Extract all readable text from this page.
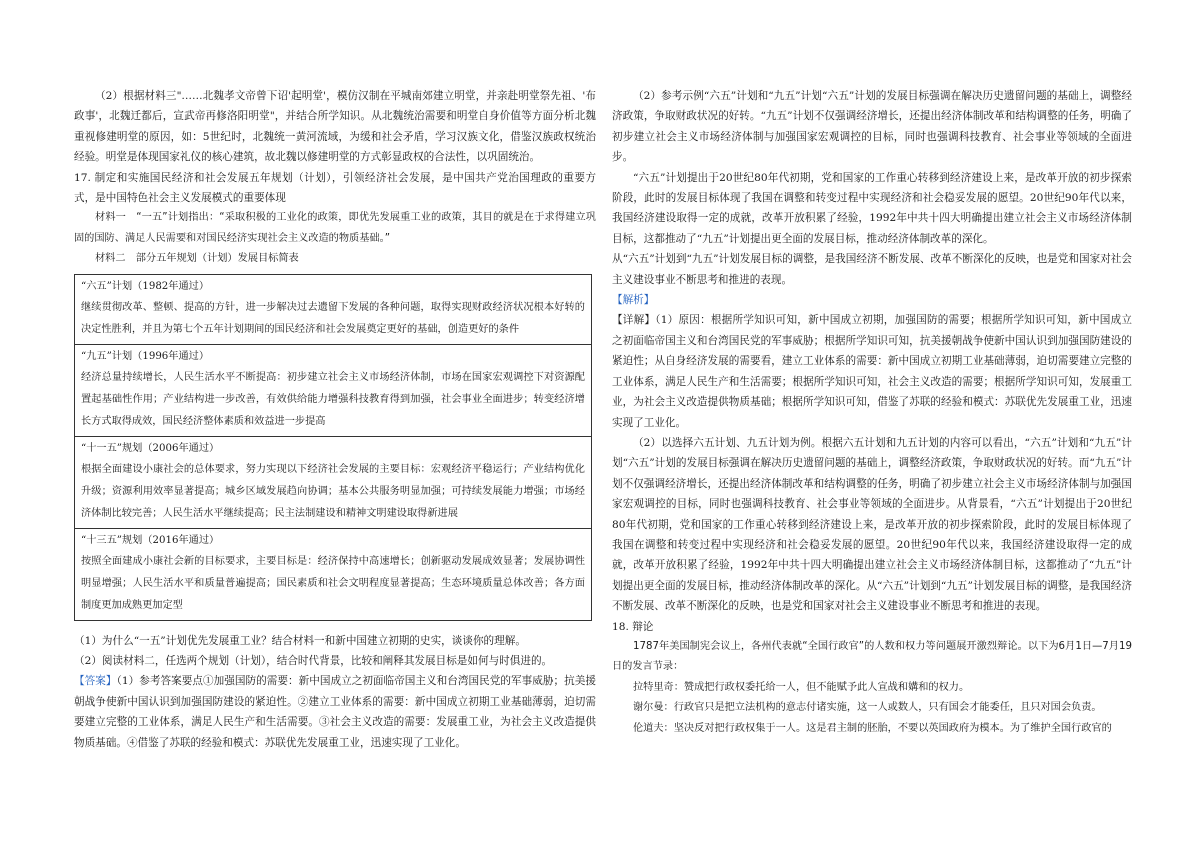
（2）根据材料三"……北魏孝文帝曾下诏'起明堂'，模仿汉制在平城南郊建立明堂，并亲赴明堂祭先祖、'布政事'，北魏迁都后，宣武帝再修洛阳明堂"，并结合所学知识。从北魏统治需要和明堂自身价值等方面分析北魏重视修建明堂的原因，如：5世纪时，北魏统一黄河流域，为缓和社会矛盾，学习汉族文化，借鉴汉族政权统治经验。明堂是体现国家礼仪的核心建筑，故北魏以修建明堂的方式彰显政权的合法性，以巩固统治。

17. 制定和实施国民经济和社会发展五年规划（计划），引领经济社会发展，是中国共产党治国理政的重要方式，是中国特色社会主义发展模式的重要体现

材料一　“一五”计划指出：“采取积极的工业化的政策，即优先发展重工业的政策，其目的就是在于求得建立巩固的国防、满足人民需要和对国民经济实现社会主义改造的物质基础。”

材料二　部分五年规划（计划）发展目标简表

“六五”计划（1982年通过）
继续贯彻改革、整顿、提高的方针，进一步解决过去遗留下发展的各种问题，取得实现财政经济状况根本好转的决定性胜利，并且为第七个五年计划期间的国民经济和社会发展奠定更好的基础，创造更好的条件

“九五”计划（1996年通过）
经济总量持续增长，人民生活水平不断提高：初步建立社会主义市场经济体制，市场在国家宏观调控下对资源配置起基础性作用；产业结构进一步改善，有效供给能力增强科技教育得到加强，社会事业全面进步；转变经济增长方式取得成效，国民经济整体素质和效益进一步提高

“十一五”规划（2006年通过）
根据全面建设小康社会的总体要求，努力实现以下经济社会发展的主要目标：宏观经济平稳运行；产业结构优化升级；资源利用效率显著提高；城乡区域发展趋向协调；基本公共服务明显加强；可持续发展能力增强；市场经济体制比较完善；人民生活水平继续提高；民主法制建设和精神文明建设取得新进展

“十三五”规划（2016年通过）
按照全面建成小康社会新的目标要求，主要目标是：经济保持中高速增长；创新驱动发展成效显著；发展协调性明显增强；人民生活水平和质量普遍提高；国民素质和社会文明程度显著提高；生态环境质量总体改善；各方面制度更加成熟更加定型

（1）为什么“一五”计划优先发展重工业？结合材料一和新中国建立初期的史实，谈谈你的理解。

（2）阅读材料二，任选两个规划（计划），结合时代背景，比较和阐释其发展目标是如何与时俱进的。

【答案】（1）参考答案要点①加强国防的需要：新中国成立之初面临帝国主义和台湾国民党的军事威胁；抗美援朝战争使新中国认识到加强国防建设的紧迫性。②建立工业体系的需要：新中国成立初期工业基础薄弱，迫切需要建立完整的工业体系，满足人民生产和生活需要。③社会主义改造的需要：发展重工业，为社会主义改造提供物质基础。④借鉴了苏联的经验和模式：苏联优先发展重工业，迅速实现了工业化。

（2）参考示例“六五”计划和“九五”计划“六五”计划的发展目标强调在解决历史遗留问题的基础上，调整经济政策，争取财政状况的好转。“九五”计划不仅强调经济增长，还提出经济体制改革和结构调整的任务，明确了初步建立社会主义市场经济体制与加强国家宏观调控的目标，同时也强调科技教育、社会事业等领域的全面进步。

“六五”计划提出于20世纪80年代初期，党和国家的工作重心转移到经济建设上来，是改革开放的初步探索阶段，此时的发展目标体现了我国在调整和转变过程中实现经济和社会稳妥发展的愿望。20世纪90年代以来，我国经济建设取得一定的成就，改革开放积累了经验，1992年中共十四大明确提出建立社会主义市场经济体制目标，这都推动了“九五”计划提出更全面的发展目标，推动经济体制改革的深化。

从“六五”计划到“九五”计划发展目标的调整，是我国经济不断发展、改革不断深化的反映，也是党和国家对社会主义建设事业不断思考和推进的表现。

【解析】

【详解】（1）原因：根据所学知识可知，新中国成立初期，加强国防的需要；根据所学知识可知，新中国成立之初面临帝国主义和台湾国民党的军事威胁；根据所学知识可知，抗美援朝战争使新中国认识到加强国防建设的紧迫性；从自身经济发展的需要看，建立工业体系的需要：新中国成立初期工业基础薄弱，迫切需要建立完整的工业体系，满足人民生产和生活需要；根据所学知识可知，社会主义改造的需要；根据所学知识可知，发展重工业，为社会主义改造提供物质基础；根据所学知识可知，借鉴了苏联的经验和模式：苏联优先发展重工业，迅速实现了工业化。

（2）以选择六五计划、九五计划为例。根据六五计划和九五计划的内容可以看出，“六五”计划和“九五”计划“六五”计划的发展目标强调在解决历史遗留问题的基础上，调整经济政策，争取财政状况的好转。而“九五”计划不仅强调经济增长，还提出经济体制改革和结构调整的任务，明确了初步建立社会主义市场经济体制与加强国家宏观调控的目标，同时也强调科技教育、社会事业等领域的全面进步。从背景看，“六五”计划提出于20世纪80年代初期，党和国家的工作重心转移到经济建设上来，是改革开放的初步探索阶段，此时的发展目标体现了我国在调整和转变过程中实现经济和社会稳妥发展的愿望。20世纪90年代以来，我国经济建设取得一定的成就，改革开放积累了经验，1992年中共十四大明确提出建立社会主义市场经济体制目标，这都推动了“九五”计划提出更全面的发展目标，推动经济体制改革的深化。从“六五”计划到“九五”计划发展目标的调整，是我国经济不断发展、改革不断深化的反映，也是党和国家对社会主义建设事业不断思考和推进的表现。

18. 辩论

1787年美国制宪会议上，各州代表就“全国行政官”的人数和权力等问题展开激烈辩论。以下为6月1日—7月19日的发言节录：

拉特里奇：赞成把行政权委托给一人，但不能赋予此人宣战和媾和的权力。

谢尔曼：行政官只是把立法机构的意志付诸实施，这一人或数人，只有国会才能委任，且只对国会负责。

伦道夫：坚决反对把行政权集于一人。这是君主制的胚胎，不要以英国政府为模本。为了维护全国行政官的
